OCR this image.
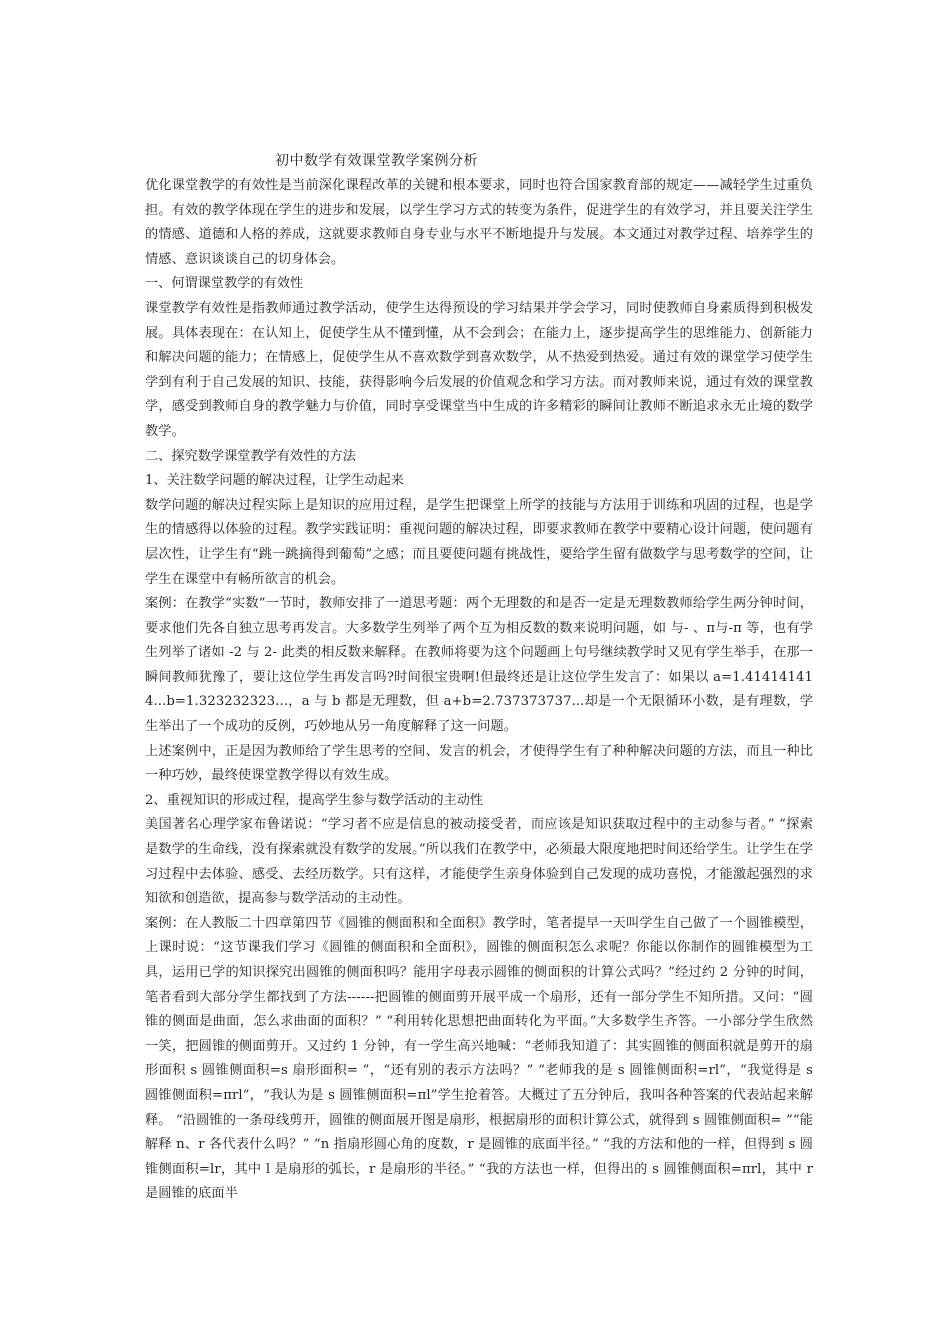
初中数学有效课堂教学案例分析

优化课堂教学的有效性是当前深化课程改革的关键和根本要求，同时也符合国家教育部的规定——减轻学生过重负担。有效的教学体现在学生的进步和发展，以学生学习方式的转变为条件，促进学生的有效学习，并且要关注学生的情感、道德和人格的养成，这就要求教师自身专业与水平不断地提升与发展。本文通过对教学过程、培养学生的情感、意识谈谈自己的切身体会。

一、何谓课堂教学的有效性

课堂教学有效性是指教师通过教学活动，使学生达得预设的学习结果并学会学习，同时使教师自身素质得到积极发展。具体表现在：在认知上，促使学生从不懂到懂，从不会到会；在能力上，逐步提高学生的思维能力、创新能力和解决问题的能力；在情感上，促使学生从不喜欢数学到喜欢数学，从不热爱到热爱。通过有效的课堂学习使学生学到有利于自己发展的知识、技能，获得影响今后发展的价值观念和学习方法。而对教师来说，通过有效的课堂教学，感受到教师自身的教学魅力与价值，同时享受课堂当中生成的许多精彩的瞬间让教师不断追求永无止境的数学教学。

二、探究数学课堂教学有效性的方法

1、关注数学问题的解决过程，让学生动起来

数学问题的解决过程实际上是知识的应用过程，是学生把课堂上所学的技能与方法用于训练和巩固的过程，也是学生的情感得以体验的过程。教学实践证明：重视问题的解决过程，即要求教师在教学中要精心设计问题，使问题有层次性，让学生有“跳一跳摘得到葡萄”之感；而且要使问题有挑战性，要给学生留有做数学与思考数学的空间，让学生在课堂中有畅所欲言的机会。

案例：在教学“实数”一节时，教师安排了一道思考题：两个无理数的和是否一定是无理数教师给学生两分钟时间，要求他们先各自独立思考再发言。大多数学生列举了两个互为相反数的数来说明问题，如 与- 、π与-π 等，也有学生列举了诸如 -2 与 2- 此类的相反数来解释。在教师将要为这个问题画上句号继续教学时又见有学生举手，在那一瞬间教师犹豫了，要让这位学生再发言吗?时间很宝贵啊!但最终还是让这位学生发言了：如果以 a=1.414141414...b=1.323232323...，a 与 b 都是无理数，但 a+b=2.737373737...却是一个无限循环小数，是有理数，学生举出了一个成功的反例，巧妙地从另一角度解释了这一问题。

上述案例中，正是因为教师给了学生思考的空间、发言的机会，才使得学生有了种种解决问题的方法，而且一种比一种巧妙，最终使课堂教学得以有效生成。

2、重视知识的形成过程，提高学生参与数学活动的主动性

美国著名心理学家布鲁诺说：“学习者不应是信息的被动接受者，而应该是知识获取过程中的主动参与者。” “探索是数学的生命线，没有探索就没有数学的发展。”所以我们在教学中，必须最大限度地把时间还给学生。让学生在学习过程中去体验、感受、去经历数学。只有这样，才能使学生亲身体验到自己发现的成功喜悦，才能激起强烈的求知欲和创造欲，提高参与数学活动的主动性。

案例：在人教版二十四章第四节《圆锥的侧面积和全面积》教学时，笔者提早一天叫学生自己做了一个圆锥模型，上课时说：“这节课我们学习《圆锥的侧面积和全面积》，圆锥的侧面积怎么求呢？你能以你制作的圆锥模型为工具，运用已学的知识探究出圆锥的侧面积吗？能用字母表示圆锥的侧面积的计算公式吗？”经过约 2 分钟的时间，笔者看到大部分学生都找到了方法------把圆锥的侧面剪开展平成一个扇形，还有一部分学生不知所措。又问：“圆锥的侧面是曲面，怎么求曲面的面积？” “利用转化思想把曲面转化为平面。”大多数学生齐答。一小部分学生欣然一笑，把圆锥的侧面剪开。又过约 1 分钟，有一学生高兴地喊：“老师我知道了：其实圆锥的侧面积就是剪开的扇形面积 s 圆锥侧面积=s 扇形面积= ”，“还有别的表示方法吗？” “老师我的是 s 圆锥侧面积=rl”，“我觉得是 s 圆锥侧面积=πrl”，“我认为是 s 圆锥侧面积=πl”学生抢着答。大概过了五分钟后，我叫各种答案的代表站起来解释。 “沿圆锥的一条母线剪开，圆锥的侧面展开图是扇形，根据扇形的面积计算公式，就得到 s 圆锥侧面积= ”“能解释 n、r 各代表什么吗？” “n 指扇形圆心角的度数，r 是圆锥的底面半径。” “我的方法和他的一样，但得到 s 圆锥侧面积=lr，其中 l 是扇形的弧长，r 是扇形的半径。” “我的方法也一样，但得出的 s 圆锥侧面积=πrl，其中 r 是圆锥的底面半
